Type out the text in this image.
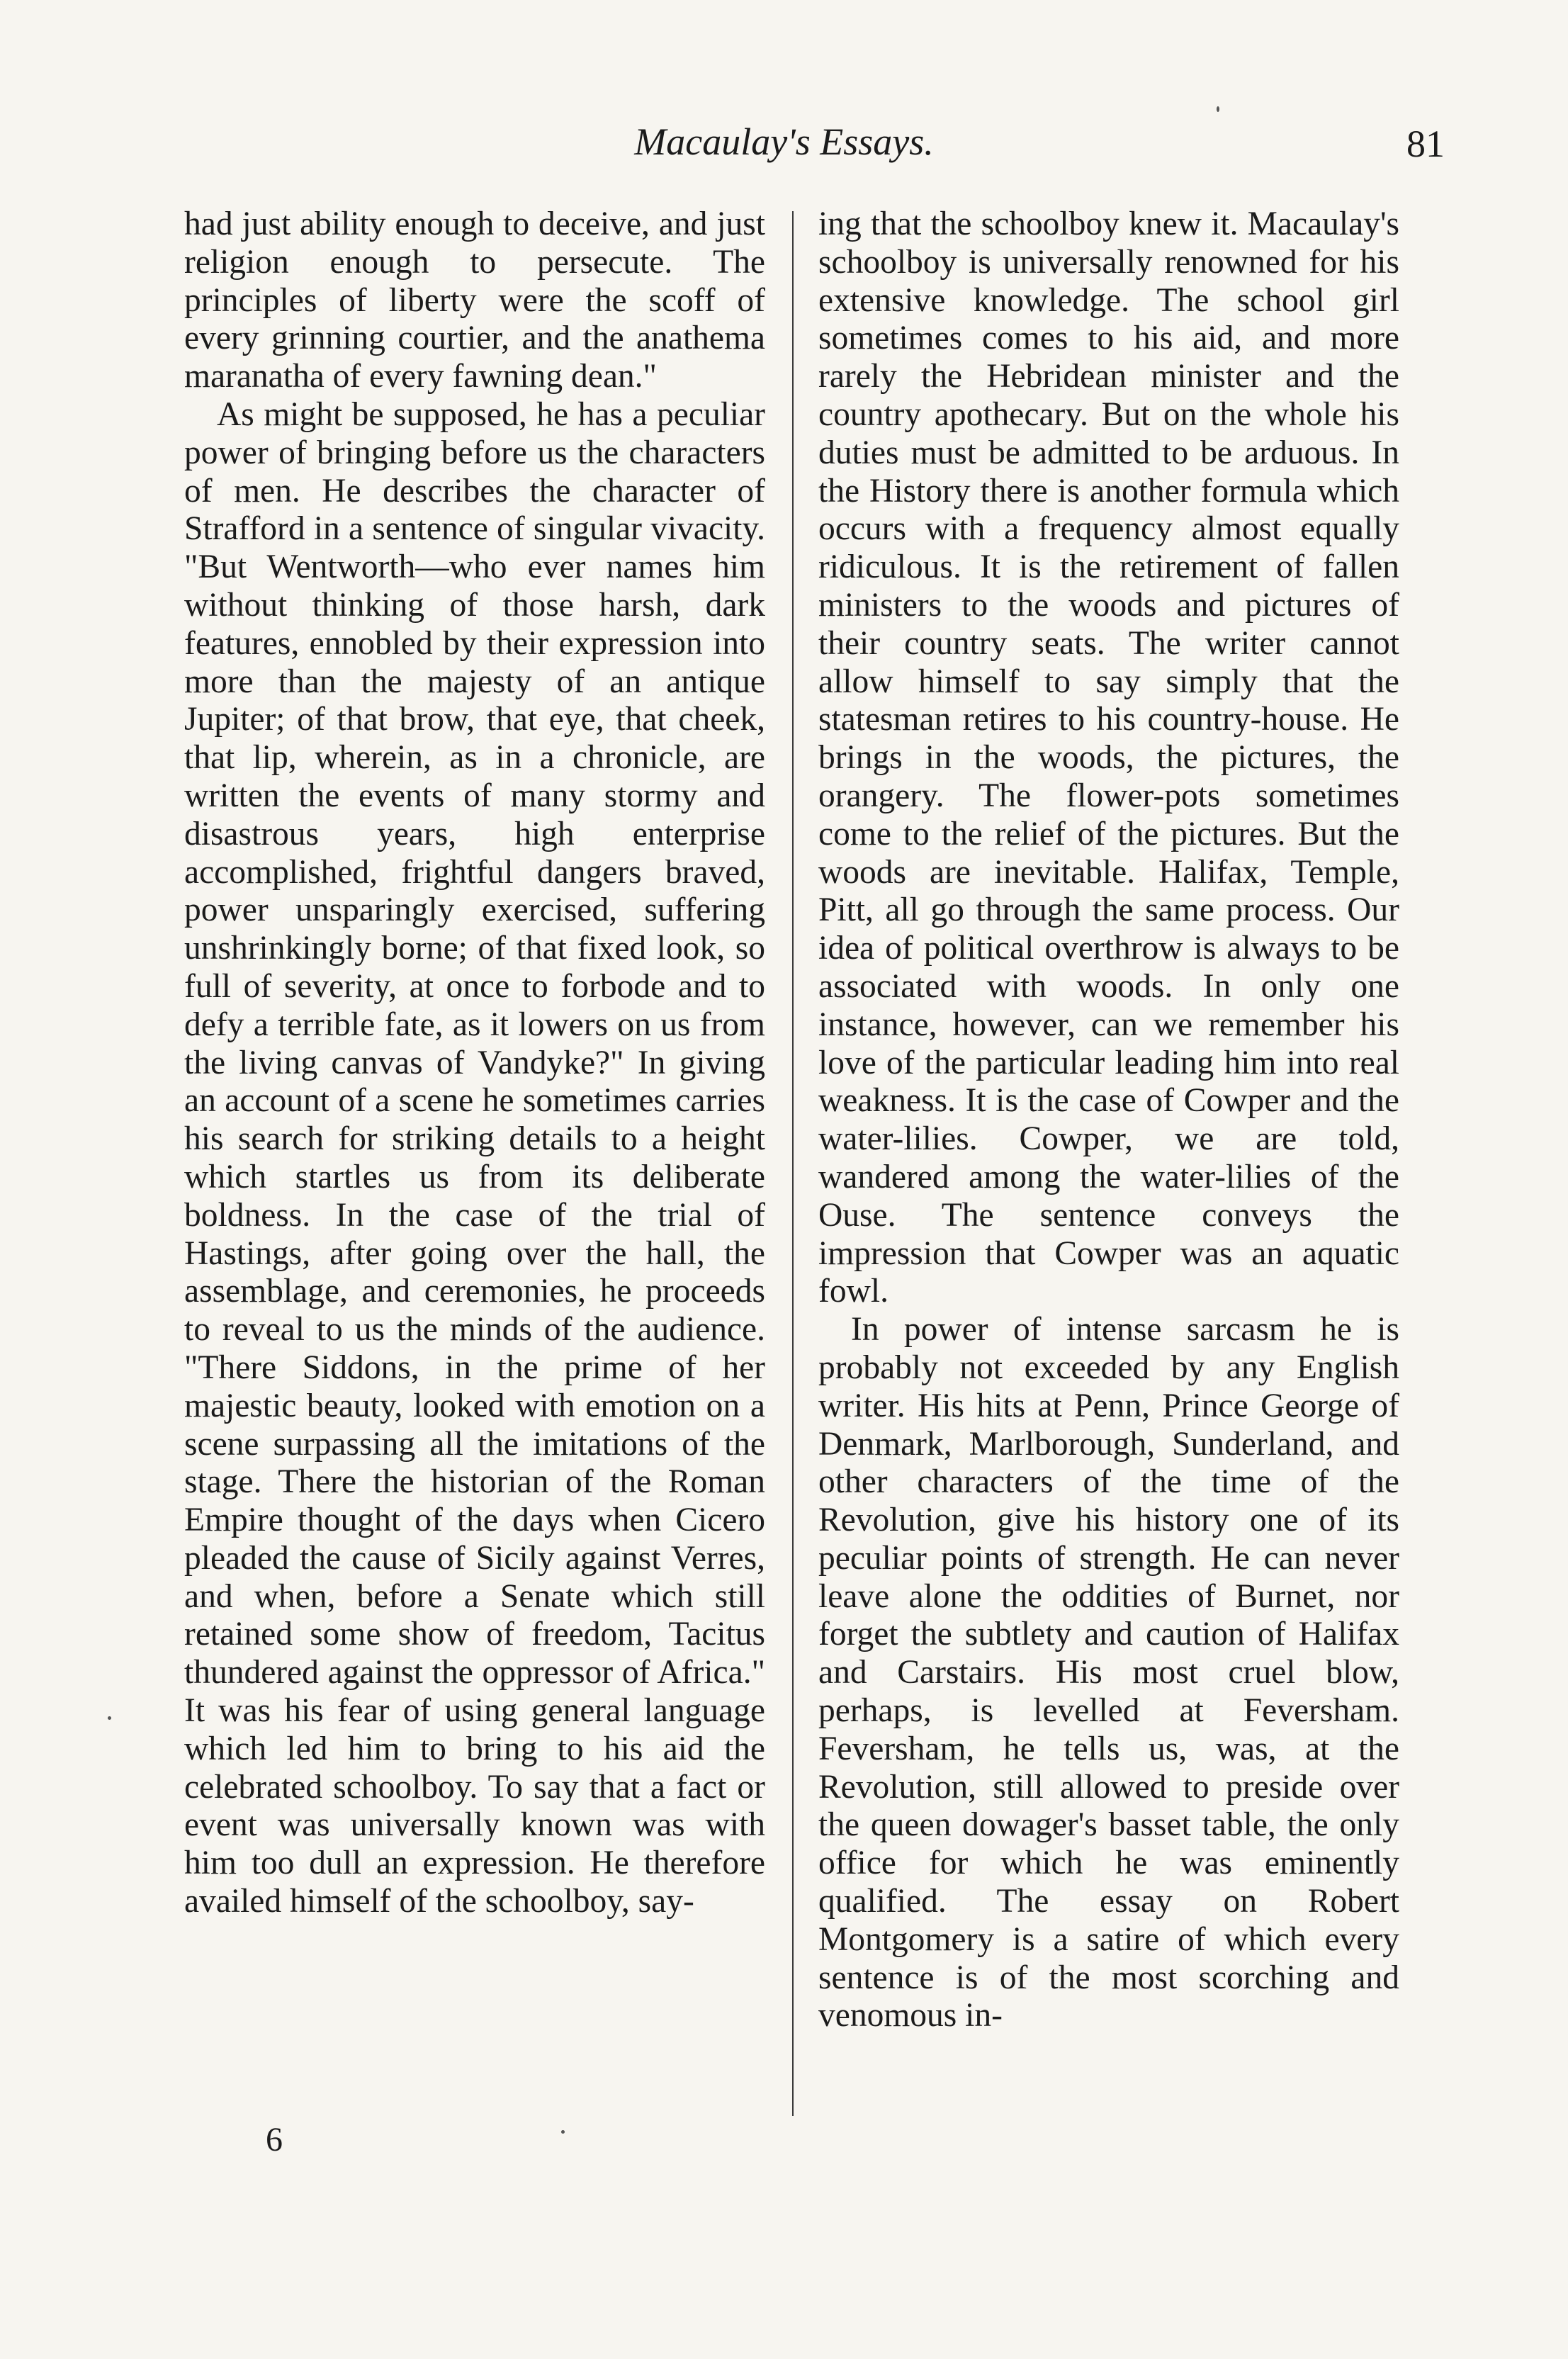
Macaulay's Essays.	81

had just ability enough to deceive, and just religion enough to persecute. The principles of liberty were the scoff of every grinning courtier, and the anathema maranatha of every fawning dean."

As might be supposed, he has a peculiar power of bringing before us the characters of men. He describes the character of Strafford in a sentence of singular vivacity. "But Wentworth—who ever names him without thinking of those harsh, dark features, ennobled by their expression into more than the majesty of an antique Jupiter; of that brow, that eye, that cheek, that lip, wherein, as in a chronicle, are written the events of many stormy and disastrous years, high enterprise accomplished, frightful dangers braved, power unsparingly exercised, suffering unshrinkingly borne; of that fixed look, so full of severity, at once to forbode and to defy a terrible fate, as it lowers on us from the living canvas of Vandyke?" In giving an account of a scene he sometimes carries his search for striking details to a height which startles us from its deliberate boldness. In the case of the trial of Hastings, after going over the hall, the assemblage, and ceremonies, he proceeds to reveal to us the minds of the audience. "There Siddons, in the prime of her majestic beauty, looked with emotion on a scene surpassing all the imitations of the stage. There the historian of the Roman Empire thought of the days when Cicero pleaded the cause of Sicily against Verres, and when, before a Senate which still retained some show of freedom, Tacitus thundered against the oppressor of Africa." It was his fear of using general language which led him to bring to his aid the celebrated schoolboy. To say that a fact or event was universally known was with him too dull an expression. He therefore availed himself of the schoolboy, say-

ing that the schoolboy knew it. Macaulay's schoolboy is universally renowned for his extensive knowledge. The school girl sometimes comes to his aid, and more rarely the Hebridean minister and the country apothecary. But on the whole his duties must be admitted to be arduous. In the History there is another formula which occurs with a frequency almost equally ridiculous. It is the retirement of fallen ministers to the woods and pictures of their country seats. The writer cannot allow himself to say simply that the statesman retires to his country-house. He brings in the woods, the pictures, the orangery. The flower-pots sometimes come to the relief of the pictures. But the woods are inevitable. Halifax, Temple, Pitt, all go through the same process. Our idea of political overthrow is always to be associated with woods. In only one instance, however, can we remember his love of the particular leading him into real weakness. It is the case of Cowper and the water-lilies. Cowper, we are told, wandered among the water-lilies of the Ouse. The sentence conveys the impression that Cowper was an aquatic fowl.

In power of intense sarcasm he is probably not exceeded by any English writer. His hits at Penn, Prince George of Denmark, Marlborough, Sunderland, and other characters of the time of the Revolution, give his history one of its peculiar points of strength. He can never leave alone the oddities of Burnet, nor forget the subtlety and caution of Halifax and Carstairs. His most cruel blow, perhaps, is levelled at Feversham. Feversham, he tells us, was, at the Revolution, still allowed to preside over the queen dowager's basset table, the only office for which he was eminently qualified. The essay on Robert Montgomery is a satire of which every sentence is of the most scorching and venomous in-

6
